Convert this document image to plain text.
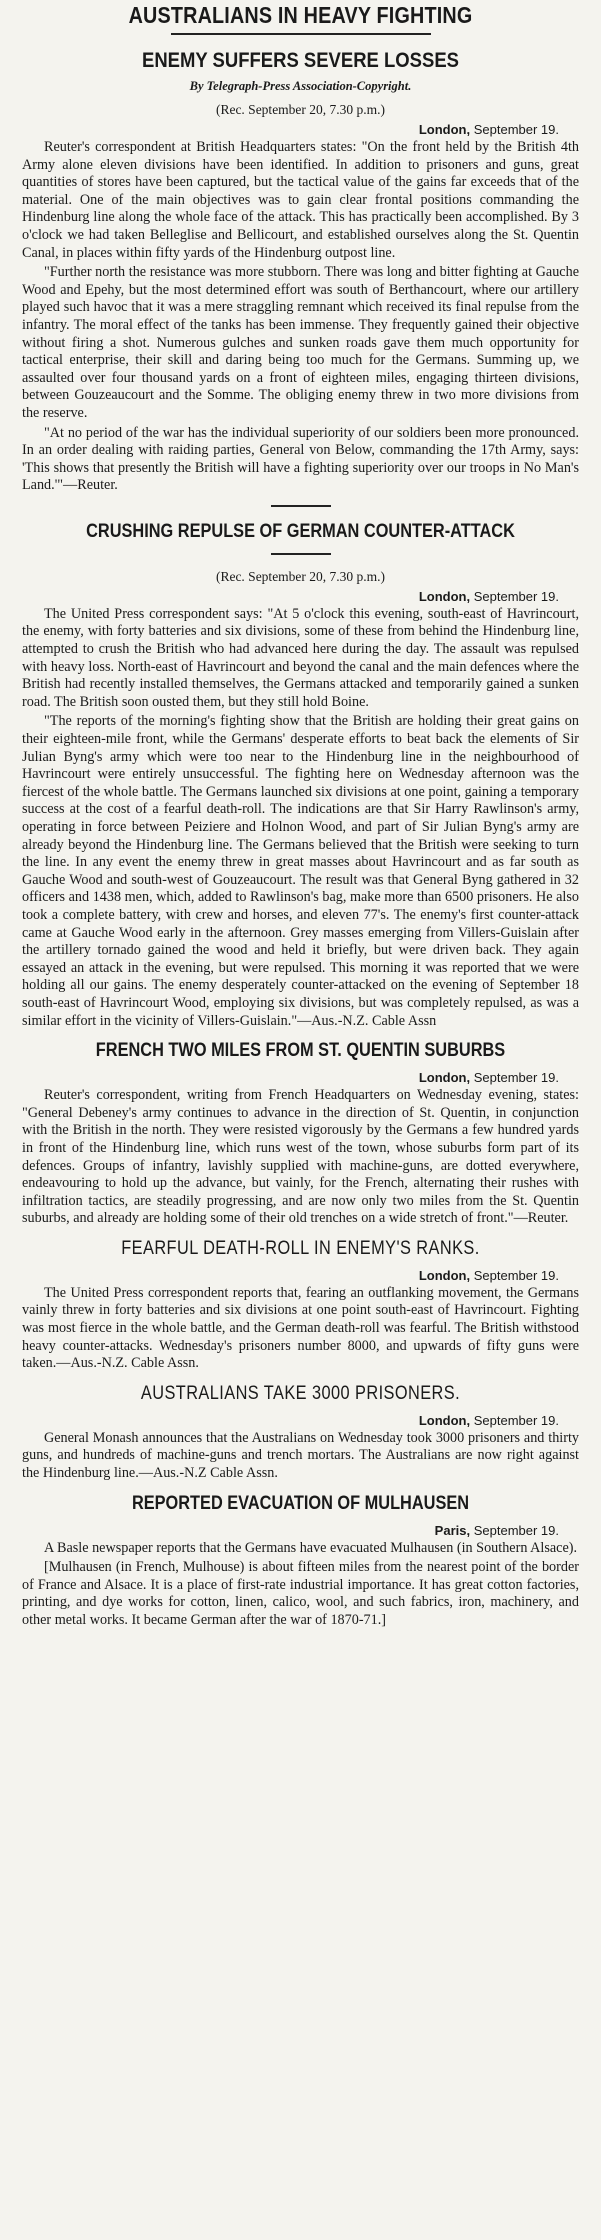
AUSTRALIANS IN HEAVY FIGHTING
ENEMY SUFFERS SEVERE LOSSES
By Telegraph-Press Association-Copyright.
(Rec. September 20, 7.30 p.m.)
London, September 19.

Reuter's correspondent at British Headquarters states: "On the front held by the British 4th Army alone eleven divisions have been identified. In addition to prisoners and guns, great quantities of stores have been captured, but the tactical value of the gains far exceeds that of the material. One of the main objectives was to gain clear frontal positions commanding the Hindenburg line along the whole face of the attack. This has practically been accomplished. By 3 o'clock we had taken Belleglise and Bellicourt, and established ourselves along the St. Quentin Canal, in places within fifty yards of the Hindenburg outpost line.

"Further north the resistance was more stubborn. There was long and bitter fighting at Gauche Wood and Epehy, but the most determined effort was south of Berthancourt, where our artillery played such havoc that it was a mere straggling remnant which received its final repulse from the infantry. The moral effect of the tanks has been immense. They frequently gained their objective without firing a shot. Numerous gulches and sunken roads gave them much opportunity for tactical enterprise, their skill and daring being too much for the Germans. Summing up, we assaulted over four thousand yards on a front of eighteen miles, engaging thirteen divisions, between Gouzeaucourt and the Somme. The obliging enemy threw in two more divisions from the reserve.

"At no period of the war has the individual superiority of our soldiers been more pronounced. In an order dealing with raiding parties, General von Below, commanding the 17th Army, says: 'This shows that presently the British will have a fighting superiority over our troops in No Man's Land.'"—Reuter.

CRUSHING REPULSE OF GERMAN COUNTER-ATTACK
(Rec. September 20, 7.30 p.m.)
London, September 19.

The United Press correspondent says: "At 5 o'clock this evening, south-east of Havrincourt, the enemy, with forty batteries and six divisions, some of these from behind the Hindenburg line, attempted to crush the British who had advanced here during the day. The assault was repulsed with heavy loss. North-east of Havrincourt and beyond the canal and the main defences where the British had recently installed themselves, the Germans attacked and temporarily gained a sunken road. The British soon ousted them, but they still hold Boine.

"The reports of the morning's fighting show that the British are holding their great gains on their eighteen-mile front, while the Germans' desperate efforts to beat back the elements of Sir Julian Byng's army which were too near to the Hindenburg line in the neighbourhood of Havrincourt were entirely unsuccessful. The fighting here on Wednesday afternoon was the fiercest of the whole battle. The Germans launched six divisions at one point, gaining a temporary success at the cost of a fearful death-roll. The indications are that Sir Harry Rawlinson's army, operating in force between Peiziere and Holnon Wood, and part of Sir Julian Byng's army are already beyond the Hindenburg line. The Germans believed that the British were seeking to turn the line. In any event the enemy threw in great masses about Havrincourt and as far south as Gauche Wood and south-west of Gouzeaucourt. The result was that General Byng gathered in 32 officers and 1438 men, which, added to Rawlinson's bag, make more than 6500 prisoners. He also took a complete battery, with crew and horses, and eleven 77's. The enemy's first counter-attack came at Gauche Wood early in the afternoon. Grey masses emerging from Villers-Guislain after the artillery tornado gained the wood and held it briefly, but were driven back. They again essayed an attack in the evening, but were repulsed. This morning it was reported that we were holding all our gains. The enemy desperately counter-attacked on the evening of September 18 south-east of Havrincourt Wood, employing six divisions, but was completely repulsed, as was a similar effort in the vicinity of Villers-Guislain."—Aus.-N.Z. Cable Assn

FRENCH TWO MILES FROM ST. QUENTIN SUBURBS
London, September 19.

Reuter's correspondent, writing from French Headquarters on Wednesday evening, states: "General Debeney's army continues to advance in the direction of St. Quentin, in conjunction with the British in the north. They were resisted vigorously by the Germans a few hundred yards in front of the Hindenburg line, which runs west of the town, whose suburbs form part of its defences. Groups of infantry, lavishly supplied with machine-guns, are dotted everywhere, endeavouring to hold up the advance, but vainly, for the French, alternating their rushes with infiltration tactics, are steadily progressing, and are now only two miles from the St. Quentin suburbs, and already are holding some of their old trenches on a wide stretch of front."—Reuter.

FEARFUL DEATH-ROLL IN ENEMY'S RANKS.
London, September 19.

The United Press correspondent reports that, fearing an outflanking movement, the Germans vainly threw in forty batteries and six divisions at one point south-east of Havrincourt. Fighting was most fierce in the whole battle, and the German death-roll was fearful. The British withstood heavy counter-attacks. Wednesday's prisoners number 8000, and upwards of fifty guns were taken.—Aus.-N.Z. Cable Assn.

AUSTRALIANS TAKE 3000 PRISONERS.
London, September 19.

General Monash announces that the Australians on Wednesday took 3000 prisoners and thirty guns, and hundreds of machine-guns and trench mortars. The Australians are now right against the Hindenburg line.—Aus.-N.Z Cable Assn.

REPORTED EVACUATION OF MULHAUSEN
Paris, September 19.

A Basle newspaper reports that the Germans have evacuated Mulhausen (in Southern Alsace).

[Mulhausen (in French, Mulhouse) is about fifteen miles from the nearest point of the border of France and Alsace. It is a place of first-rate industrial importance. It has great cotton factories, printing, and dye works for cotton, linen, calico, wool, and such fabrics, iron, machinery, and other metal works. It became German after the war of 1870-71.]
